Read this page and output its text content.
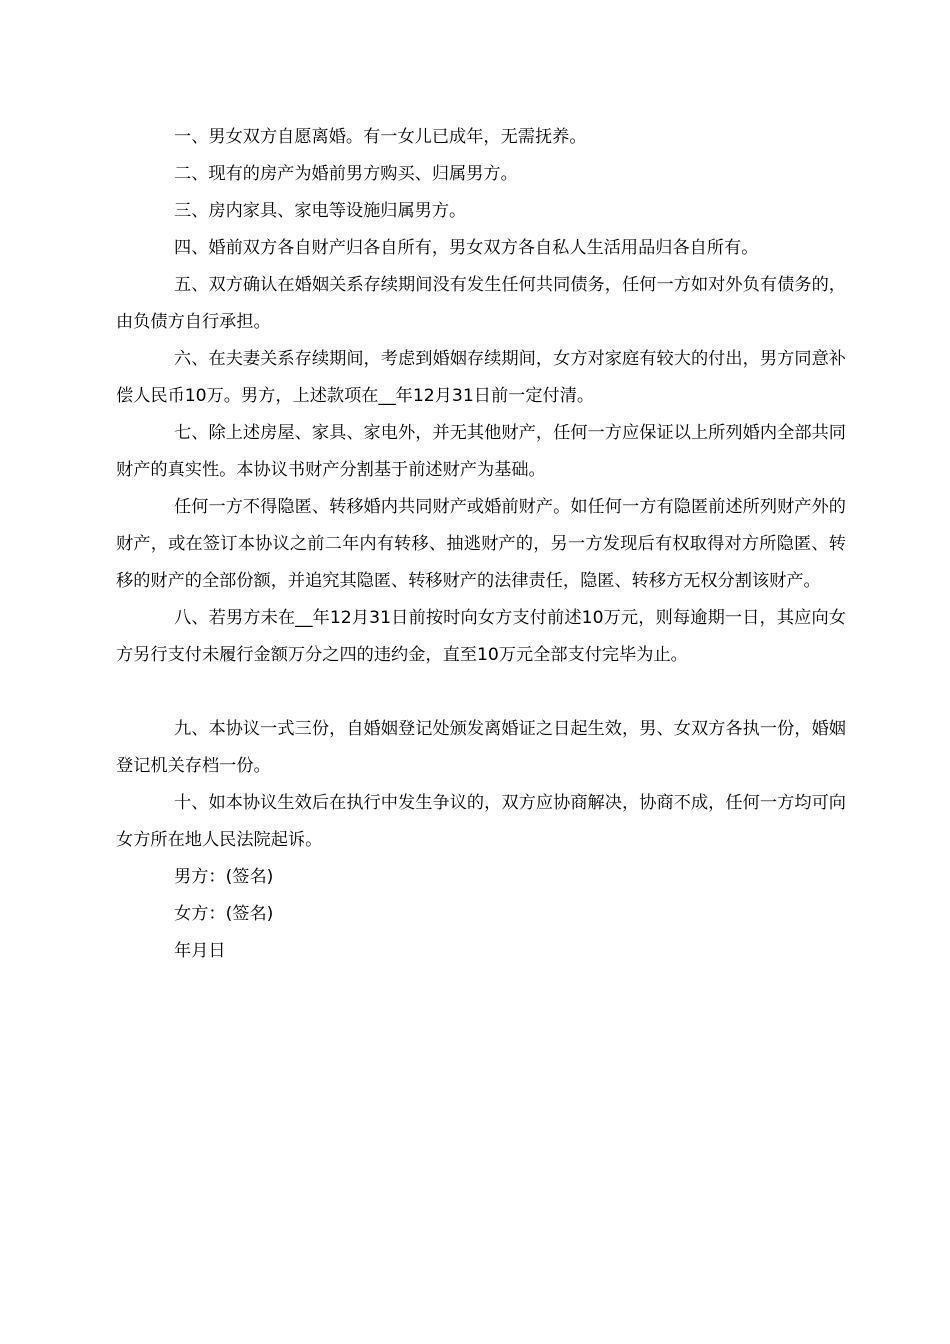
一、男女双方自愿离婚。有一女儿已成年，无需抚养。

二、现有的房产为婚前男方购买、归属男方。

三、房内家具、家电等设施归属男方。

四、婚前双方各自财产归各自所有，男女双方各自私人生活用品归各自所有。

五、双方确认在婚姻关系存续期间没有发生任何共同债务，任何一方如对外负有债务的，由负债方自行承担。

六、在夫妻关系存续期间，考虑到婚姻存续期间，女方对家庭有较大的付出，男方同意补偿人民币10万。男方，上述款项在__年12月31日前一定付清。

七、除上述房屋、家具、家电外，并无其他财产，任何一方应保证以上所列婚内全部共同财产的真实性。本协议书财产分割基于前述财产为基础。

任何一方不得隐匿、转移婚内共同财产或婚前财产。如任何一方有隐匿前述所列财产外的财产，或在签订本协议之前二年内有转移、抽逃财产的，另一方发现后有权取得对方所隐匿、转移的财产的全部份额，并追究其隐匿、转移财产的法律责任，隐匿、转移方无权分割该财产。

八、若男方未在__年12月31日前按时向女方支付前述10万元，则每逾期一日，其应向女方另行支付未履行金额万分之四的违约金，直至10万元全部支付完毕为止。

九、本协议一式三份，自婚姻登记处颁发离婚证之日起生效，男、女双方各执一份，婚姻登记机关存档一份。

十、如本协议生效后在执行中发生争议的，双方应协商解决，协商不成，任何一方均可向女方所在地人民法院起诉。

男方：(签名)

女方：(签名)

年月日
